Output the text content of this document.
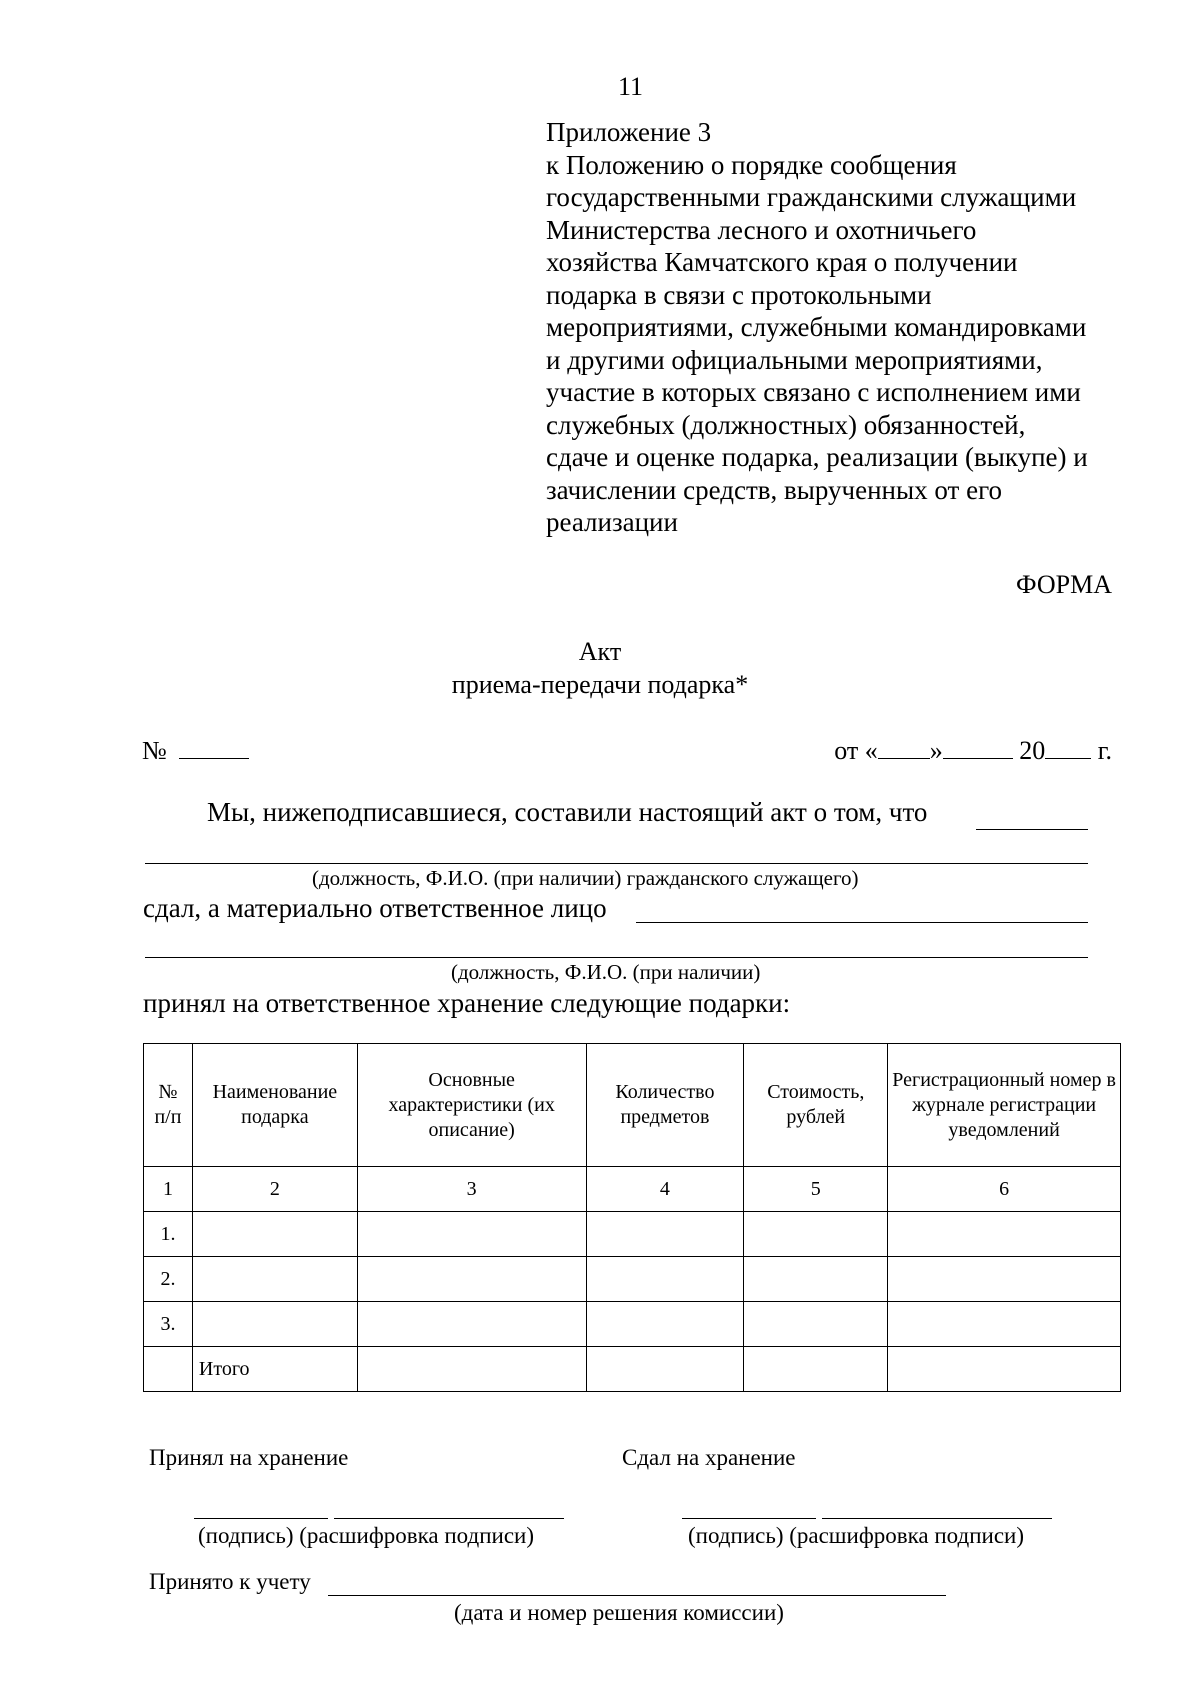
11
Приложение 3
к Положению о порядке сообщения
государственными гражданскими служащими
Министерства лесного и охотничьего
хозяйства Камчатского края о получении
подарка в связи с протокольными
мероприятиями, служебными командировками
и другими официальными мероприятиями,
участие в которых связано с исполнением ими
служебных (должностных) обязанностей,
сдаче и оценке подарка, реализации (выкупе) и
зачислении средств, вырученных от его
реализации
ФОРМА
Акт
приема-передачи подарка*
№	от « »	20 г.
Мы, нижеподписавшиеся, составили настоящий акт о том, что
(должность, Ф.И.О. (при наличии) гражданского служащего)
сдал, а материально ответственное лицо
(должность, Ф.И.О. (при наличии)
принял на ответственное хранение следующие подарки:
№ п/п	Наименование подарка	Основные характеристики (их описание)	Количество предметов	Стоимость, рублей	Регистрационный номер в журнале регистрации уведомлений
1	2	3	4	5	6
1.					
2.					
3.					
	Итого				
Принял на хранение	Сдал на хранение
(подпись) (расшифровка подписи)	(подпись) (расшифровка подписи)
Принято к учету
(дата и номер решения комиссии)
